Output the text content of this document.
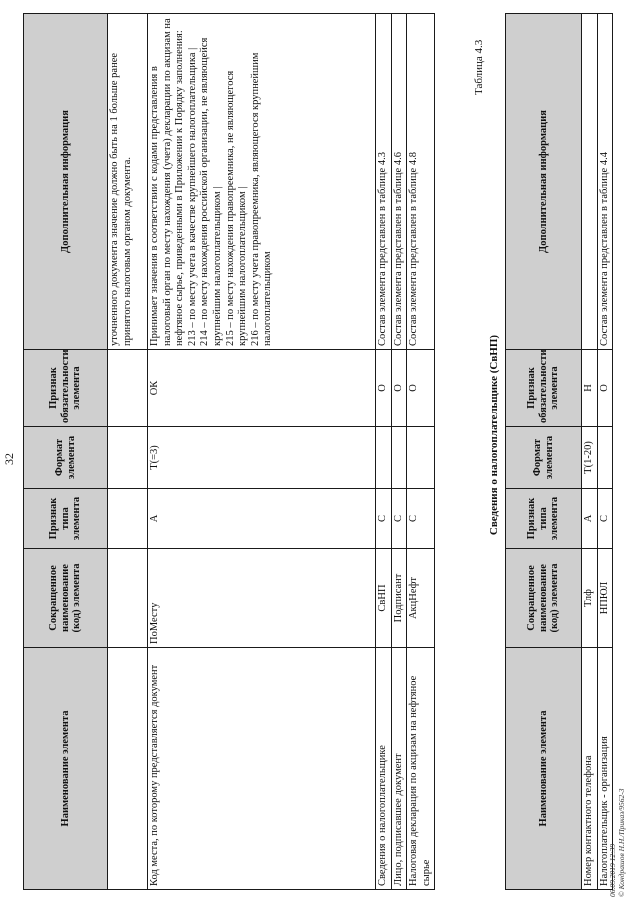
32
Наименование элемента	Сокращенное наименование (код) элемента	Признак типа элемента	Формат элемента	Признак обязательности элемента	Дополнительная информация
					уточненного документа значение должно быть на 1 больше ранее принятого налоговым органом документа.
Код места, по которому представляется документ	ПоМесту	А	Т(=3)	ОК	Принимает значения в соответствии с кодами представления в налоговый орган по месту нахождения (учета) декларации по акцизам на нефтяное сырье, приведенными в Приложении к Порядку заполнения:
213 – по месту учета в качестве крупнейшего налогоплательщика |
214 – по месту нахождения российской организации, не являющейся крупнейшим налогоплательщиком |
215 – по месту нахождения правопреемника, не являющегося крупнейшим налогоплательщиком |
216 – по месту учета правопреемника, являющегося крупнейшим налогоплательщиком
Сведения о налогоплательщике	СвНП	С		О	Состав элемента представлен в таблице 4.3
Лицо, подписавшее документ	Подписант	С		О	Состав элемента представлен в таблице 4.6
Налоговая декларация по акцизам на нефтяное сырье	АкцНефт	С		О	Состав элемента представлен в таблице 4.8
Таблица 4.3
Сведения о налогоплательщике (СвНП)
Наименование элемента	Сокращенное наименование (код) элемента	Признак типа элемента	Формат элемента	Признак обязательности элемента	Дополнительная информация
Номер контактного телефона	Тлф	А	Т(1-20)	Н	
Налогоплательщик - организация	НПЮЛ	С		О	Состав элемента представлен в таблице 4.4
06.09.2019 12:39 © Кондрашов Н.Н./Приказ/9562-3
